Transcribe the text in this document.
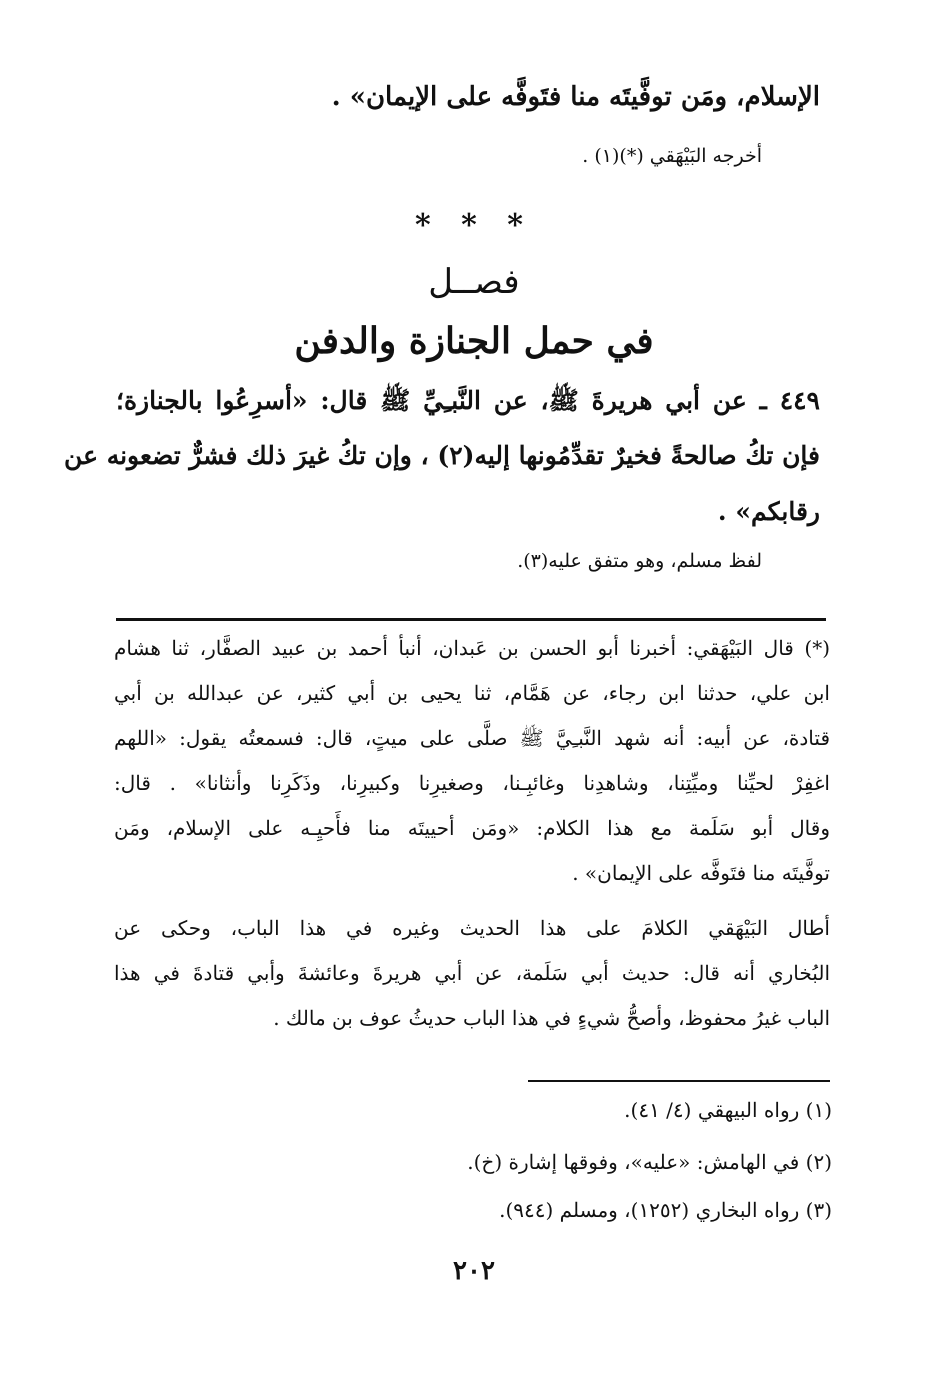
الإسلام، ومَن توفَّيتَه منا فتَوفَّه على الإيمان» .
أخرجه البَيْهَقي (*)(١) .
* * *
فصــل
في حمل الجنازة والدفن
٤٤٩ ـ عن أبي هريرةَ ﷺ، عن النَّبـِيِّ ﷺ قال: «أسرِعُوا بالجنازة؛
فإن تكُ صالحةً فخيرٌ تقدِّمُونها إليه(٢) ، وإن تكُ غيرَ ذلك فشرٌّ تضعونه عن
رقابكم» .
لفظ مسلم، وهو متفق عليه(٣).
(*) قال البَيْهَقي: أخبرنا أبو الحسن بن عَبدان، أنبأ أحمد بن عبيد الصفَّار، ثنا هشام
ابن علي، حدثنا ابن رجاء، عن هَمَّام، ثنا يحيى بن أبي كثير، عن عبدالله بن أبي
قتادة، عن أبيه: أنه شهد النَّبـِيَّ ﷺ صلَّى على ميتٍ، قال: فسمعتُه يقول: «اللهم
اغفِرْ لحيِّنا وميِّتِنا، وشاهدِنا وغائبِـنا، وصغيرِنا وكبيرِنا، وذَكَرِنا وأنثانا» . قال:
وقال أبو سَلَمة مع هذا الكلام: «ومَن أحييتَه منا فأَحيِـه على الإسلام، ومَن
توفَّيتَه منا فتَوفَّه على الإيمان» .
أطال البَيْهَقي الكلامَ على هذا الحديث وغيره في هذا الباب، وحكى عن
البُخاري أنه قال: حديث أبي سَلَمة، عن أبي هريرةَ وعائشةَ وأبي قتادةَ في هذا
الباب غيرُ محفوظ، وأصحُّ شيءٍ في هذا الباب حديثُ عوف بن مالك .
(١) رواه البيهقي (٤/ ٤١).
(٢) في الهامش: «عليه»، وفوقها إشارة (خ).
(٣) رواه البخاري (١٢٥٢)، ومسلم (٩٤٤).
٢٠٢
